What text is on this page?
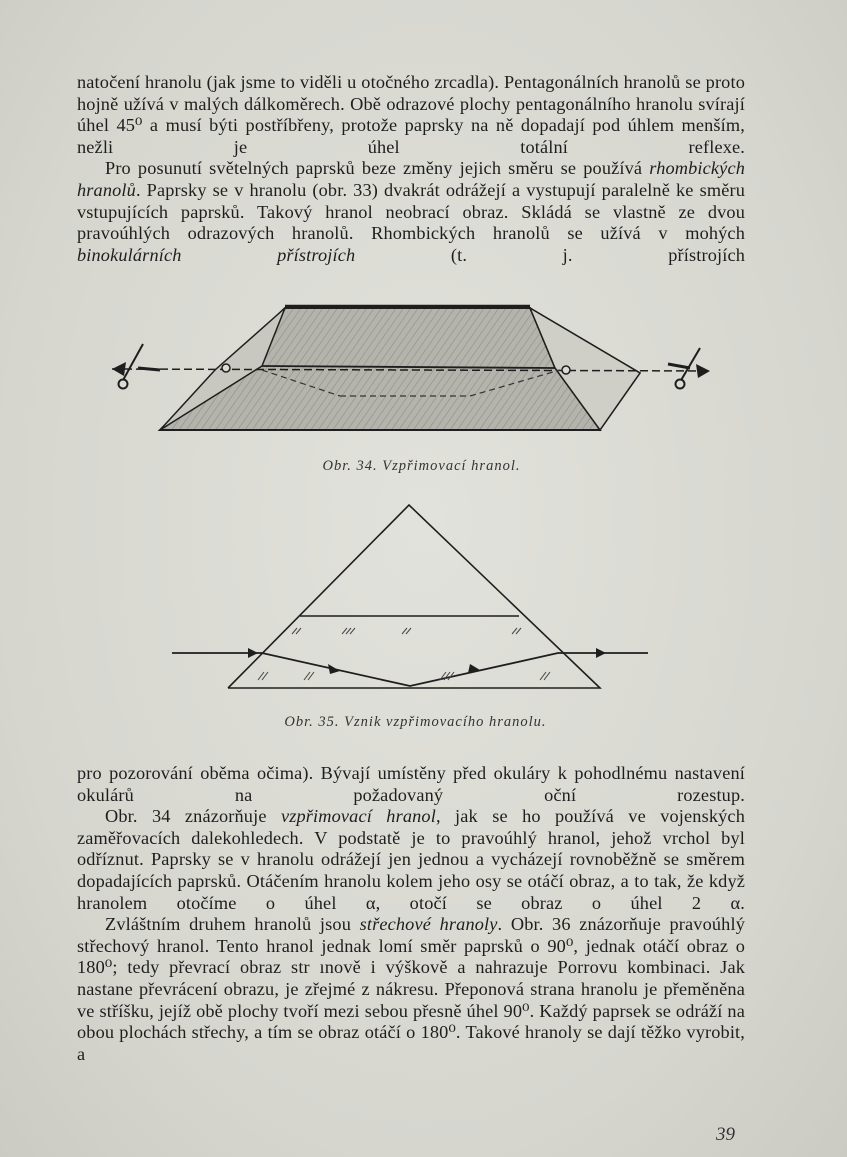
natočení hranolu (jak jsme to viděli u otočného zrcadla). Pentagonálních hranolů se proto hojně užívá v malých dálkoměrech. Obě odrazové plochy pentagonálního hranolu svírají úhel 45⁰ a musí býti postříbřeny, protože paprsky na ně dopadají pod úhlem menším, nežli je úhel totální reflexe.

Pro posunutí světelných paprsků beze změny jejich směru se používá rhombických hranolů. Paprsky se v hranolu (obr. 33) dvakrát odrážejí a vystupují paralelně ke směru vstupujících paprsků. Takový hranol neobrací obraz. Skládá se vlastně ze dvou pravoúhlých odrazových hranolů. Rhombických hranolů se užívá v mohých binokulárních přístrojích (t. j. přístrojích

Obr. 34. Vzpřimovací hranol.
Obr. 35. Vznik vzpřimovacího hranolu.

pro pozorování oběma očima). Bývají umístěny před okuláry k pohodlnému nastavení okulárů na požadovaný oční rozestup.

Obr. 34 znázorňuje vzpřimovací hranol, jak se ho používá ve vojenských zaměřovacích dalekohledech. V podstatě je to pravoúhlý hranol, jehož vrchol byl odříznut. Paprsky se v hranolu odrážejí jen jednou a vycházejí rovnoběžně se směrem dopadajících paprsků. Otáčením hranolu kolem jeho osy se otáčí obraz, a to tak, že když hranolem otočíme o úhel α, otočí se obraz o úhel 2 α.

Zvláštním druhem hranolů jsou střechové hranoly. Obr. 36 znázorňuje pravoúhlý střechový hranol. Tento hranol jednak lomí směr paprsků o 90⁰, jednak otáčí obraz o 180⁰; tedy převrací obraz str ınově i výškově a nahrazuje Porrovu kombinaci. Jak nastane převrácení obrazu, je zřejmé z nákresu. Přeponová strana hranolu je přeměněna ve stříšku, jejíž obě plochy tvoří mezi sebou přesně úhel 90⁰. Každý paprsek se odráží na obou plochách střechy, a tím se obraz otáčí o 180⁰. Takové hranoly se dají těžko vyrobit, a

39
